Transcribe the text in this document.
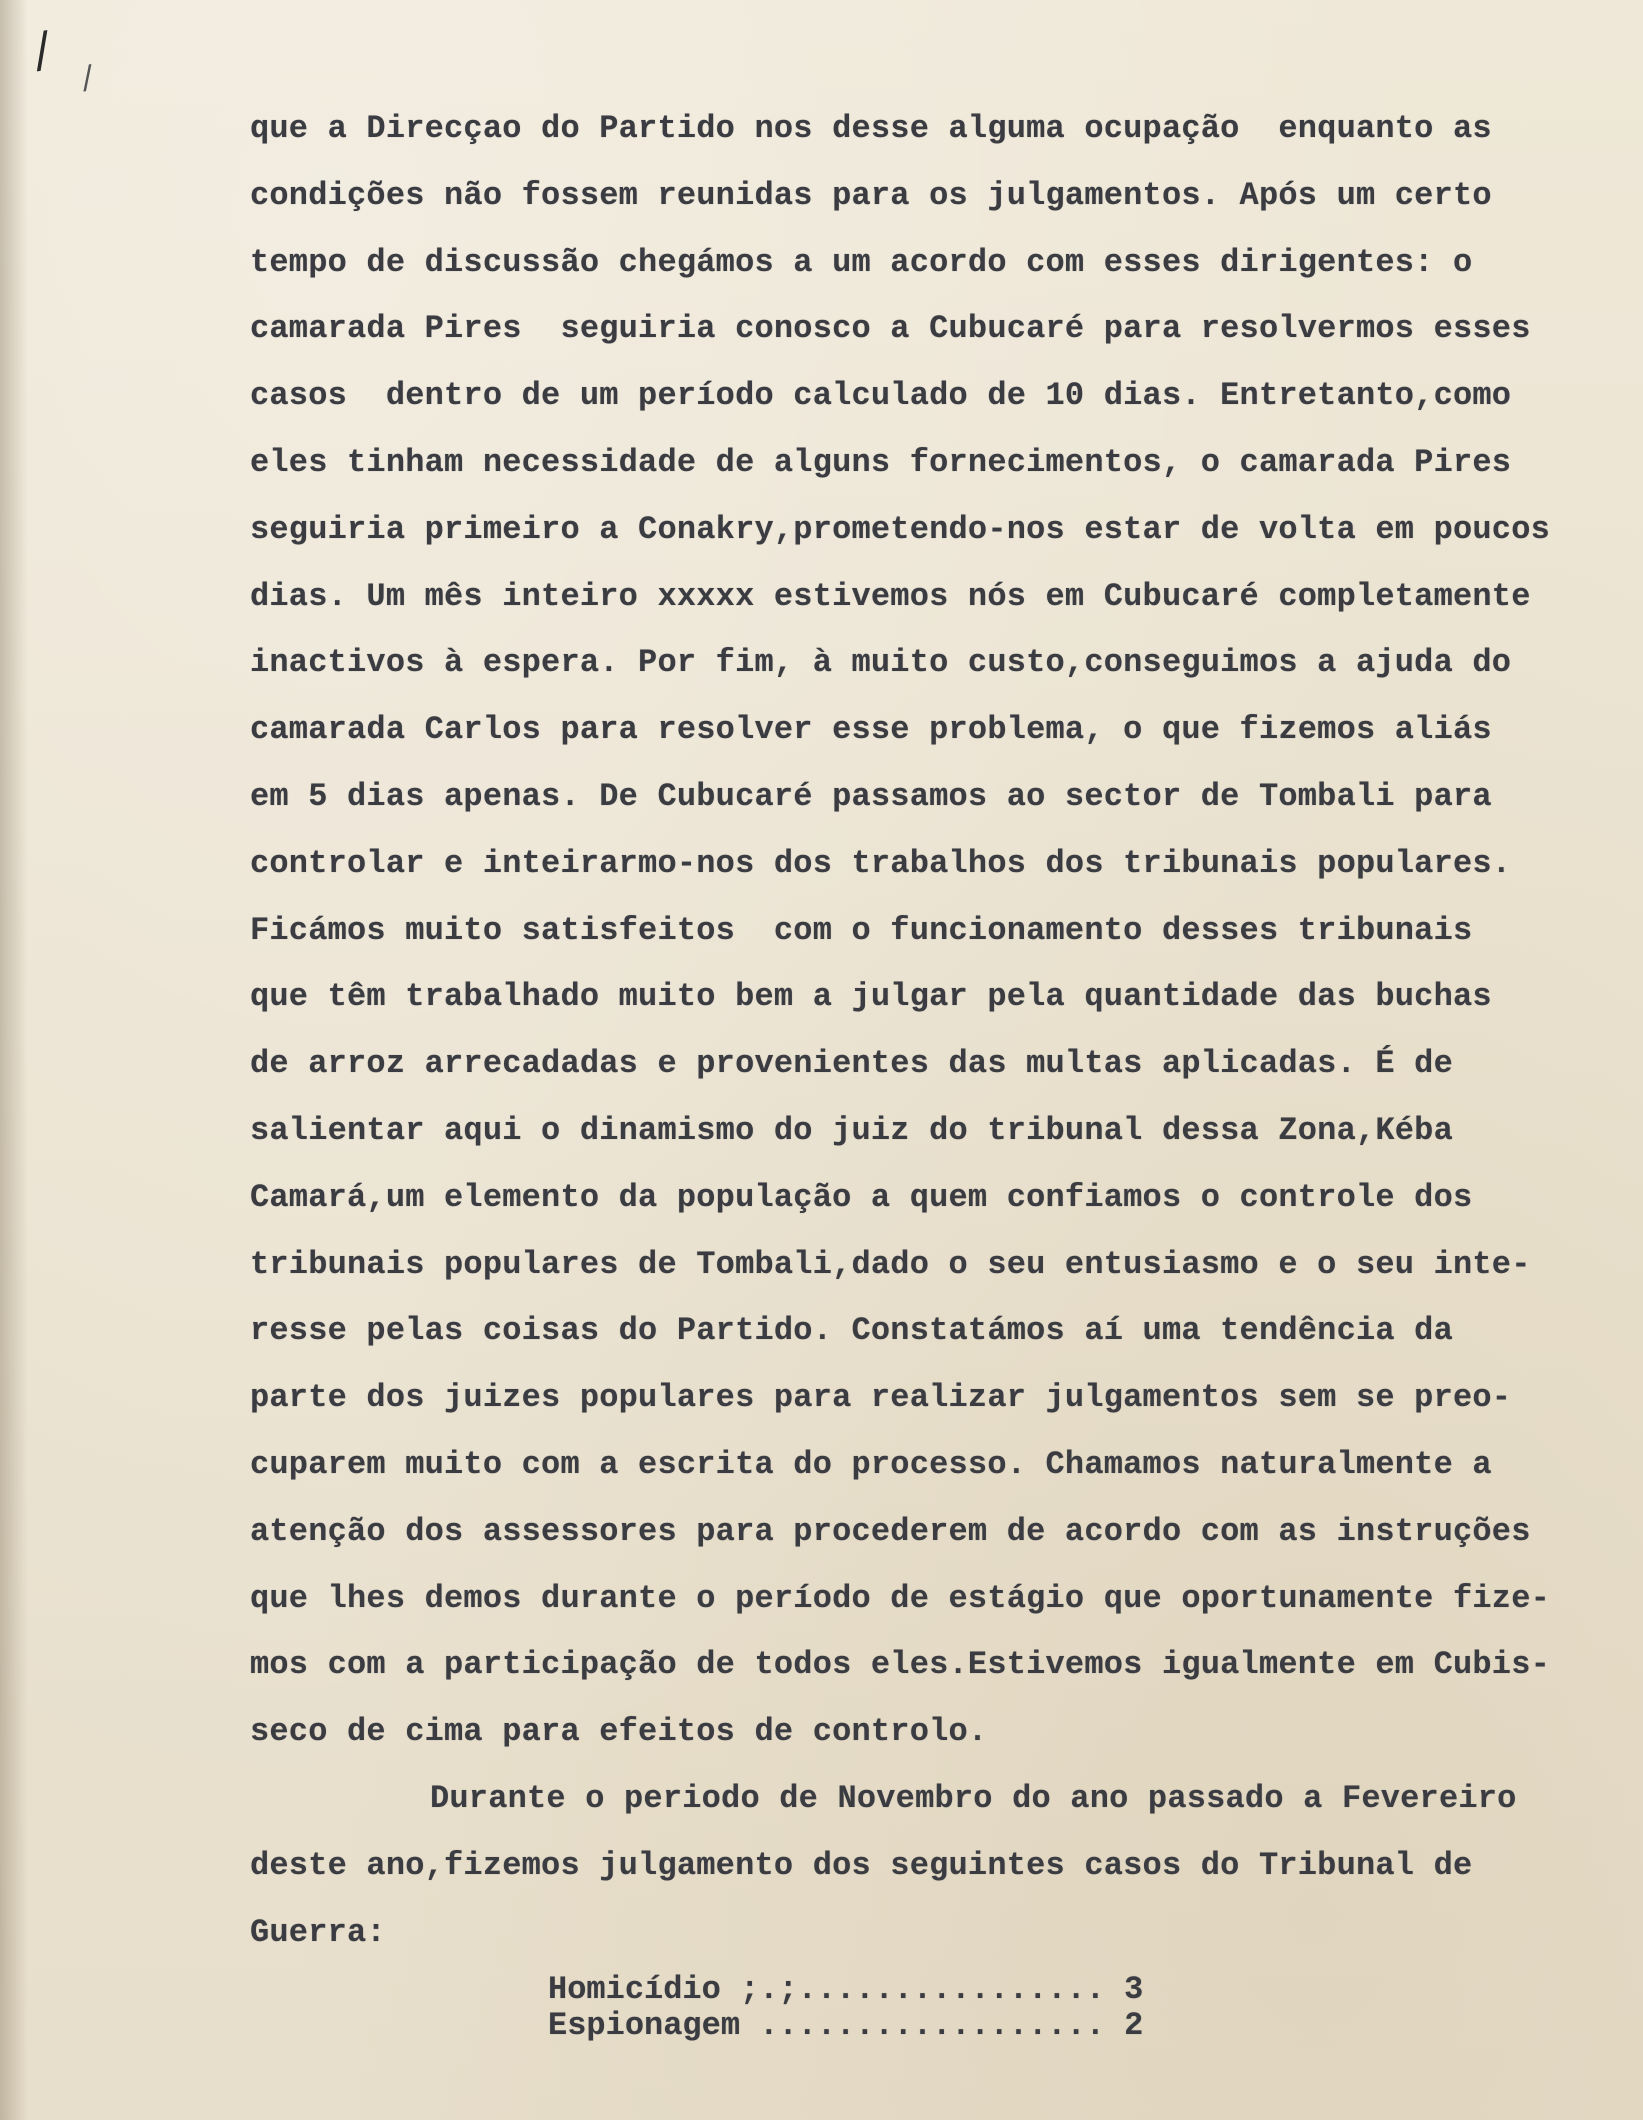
/ /
que a Direcçao do Partido nos desse alguma ocupação  enquanto as
condições não fossem reunidas para os julgamentos. Após um certo
tempo de discussão chegámos a um acordo com esses dirigentes: o
camarada Pires  seguiria conosco a Cubucaré para resolvermos esses
casos  dentro de um período calculado de 10 dias. Entretanto,como
eles tinham necessidade de alguns fornecimentos, o camarada Pires
seguiria primeiro a Conakry,prometendo-nos estar de volta em poucos
dias. Um mês inteiro xxxxx estivemos nós em Cubucaré completamente
inactivos à espera. Por fim, à muito custo,conseguimos a ajuda do
camarada Carlos para resolver esse problema, o que fizemos aliás
em 5 dias apenas. De Cubucaré passamos ao sector de Tombali para
controlar e inteirarmo-nos dos trabalhos dos tribunais populares.
Ficámos muito satisfeitos  com o funcionamento desses tribunais
que têm trabalhado muito bem a julgar pela quantidade das buchas
de arroz arrecadadas e provenientes das multas aplicadas. É de
salientar aqui o dinamismo do juiz do tribunal dessa Zona,Kéba
Camará,um elemento da população a quem confiamos o controle dos
tribunais populares de Tombali,dado o seu entusiasmo e o seu inte-
resse pelas coisas do Partido. Constatámos aí uma tendência da
parte dos juizes populares para realizar julgamentos sem se preo-
cuparem muito com a escrita do processo. Chamamos naturalmente a
atenção dos assessores para procederem de acordo com as instruções
que lhes demos durante o período de estágio que oportunamente fize-
mos com a participação de todos eles.Estivemos igualmente em Cubis-
seco de cima para efeitos de controlo.
Durante o periodo de Novembro do ano passado a Fevereiro
deste ano,fizemos julgamento dos seguintes casos do Tribunal de
Guerra:
Homicídio ;.;................ 3
Espionagem .................. 2
